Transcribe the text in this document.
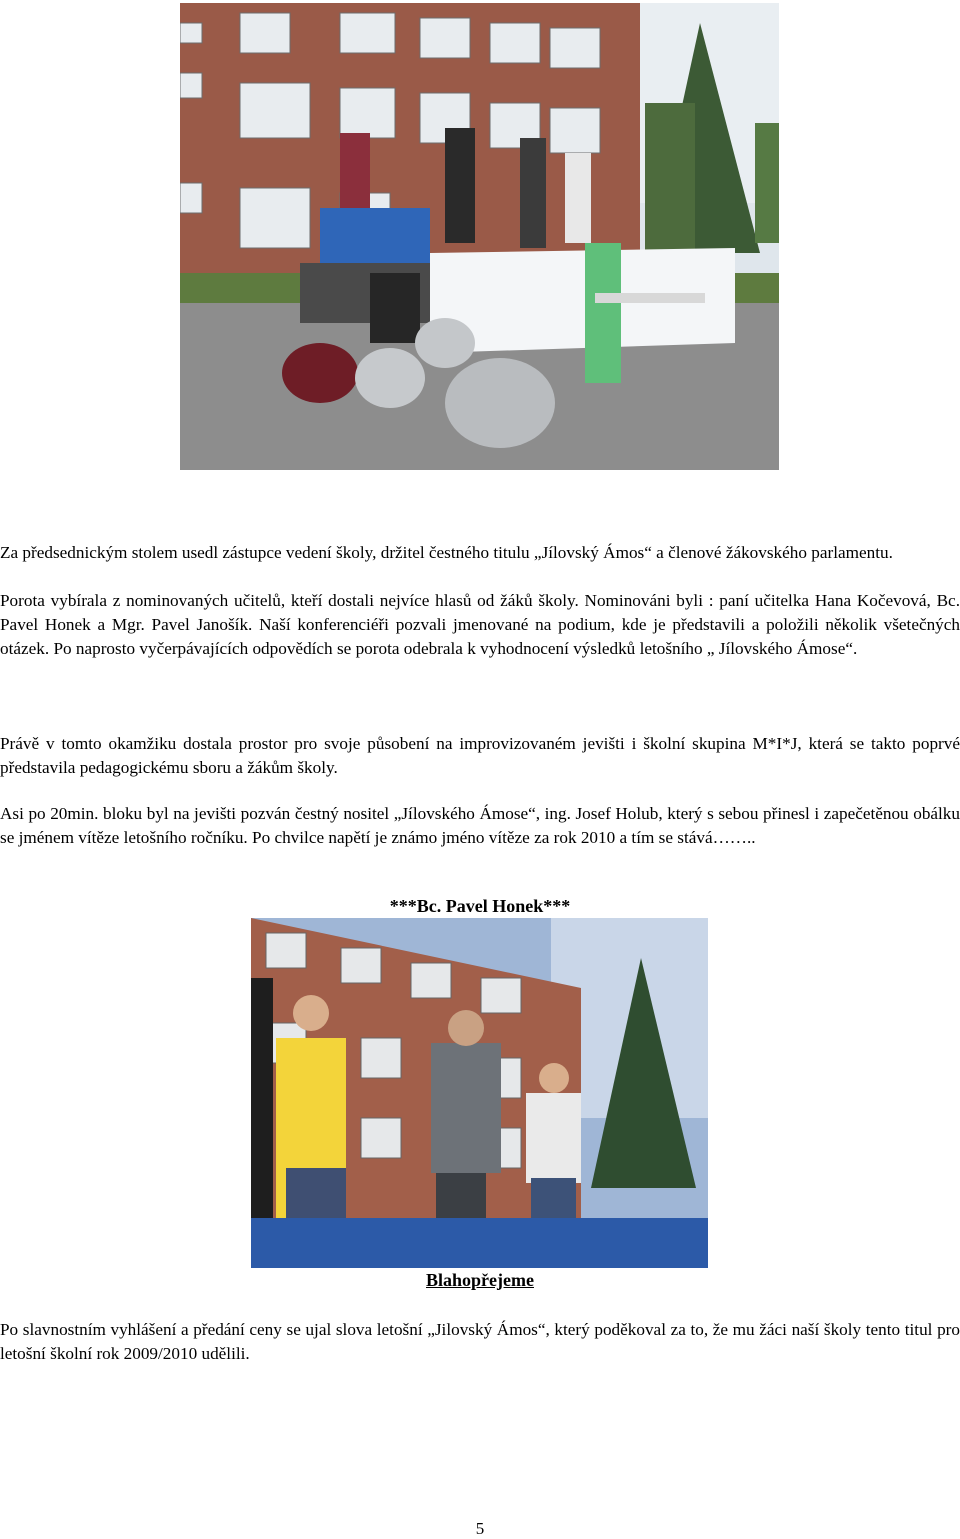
Za předsednickým stolem usedl zástupce vedení školy, držitel čestného titulu „Jílovský Ámos“ a členové žákovského parlamentu.
Porota vybírala z nominovaných učitelů, kteří dostali nejvíce hlasů od žáků školy. Nominováni byli : paní učitelka Hana Kočevová, Bc. Pavel Honek a Mgr. Pavel Janošík. Naší konferenciéři pozvali jmenované na podium, kde je představili a položili několik všetečných otázek. Po naprosto vyčerpávajících odpovědích se porota odebrala k vyhodnocení výsledků letošního „ Jílovského Ámose“.
Právě v tomto okamžiku dostala prostor pro svoje působení na improvizovaném jevišti i školní skupina M*I*J, která se takto poprvé představila pedagogickému sboru a žákům školy.
Asi po 20min. bloku byl na jevišti pozván čestný nositel „Jílovského Ámose“, ing. Josef Holub, který s sebou přinesl i zapečetěnou obálku se jménem vítěze letošního ročníku. Po chvilce napětí je známo jméno vítěze za rok 2010 a tím se stává……..
***Bc. Pavel Honek***
Blahopřejeme
Po slavnostním vyhlášení a předání ceny se ujal slova letošní „Jilovský Ámos“, který poděkoval za to, že mu žáci naší školy tento titul pro letošní školní rok 2009/2010 udělili.
5
